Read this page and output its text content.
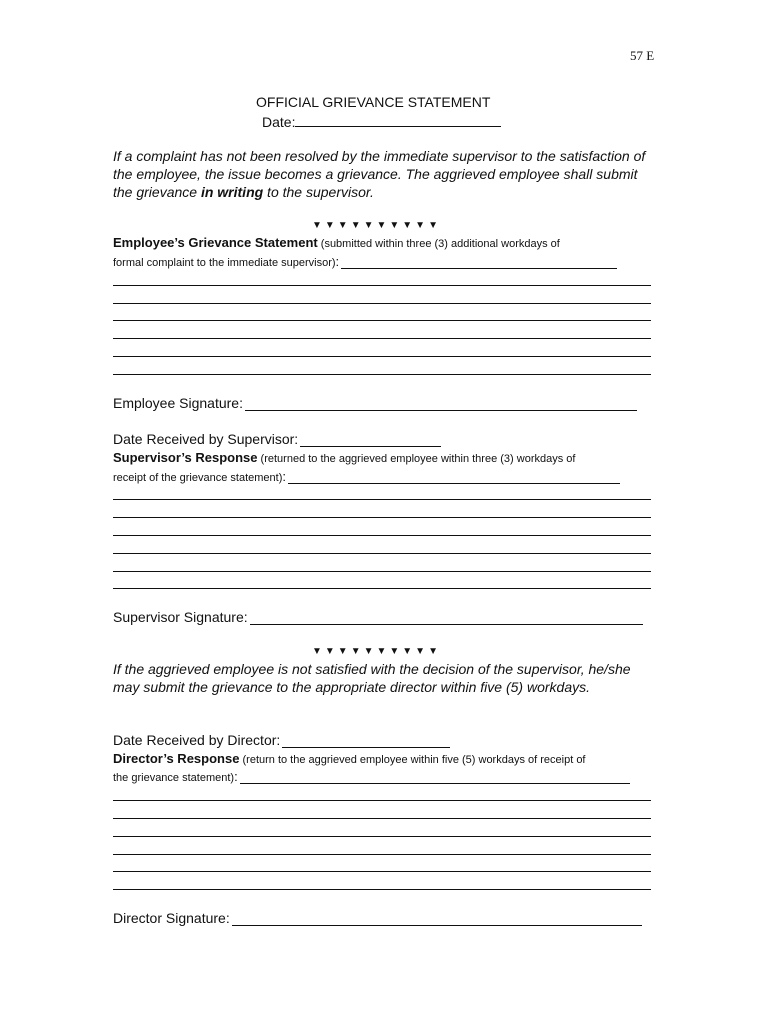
57 E
OFFICIAL GRIEVANCE STATEMENT
Date:
If a complaint has not been resolved by the immediate supervisor to the satisfaction of the employee, the issue becomes a grievance. The aggrieved employee shall submit the grievance in writing to the supervisor.
▼▼▼▼▼▼▼▼▼▼
Employee’s Grievance Statement (submitted within three (3) additional workdays of
formal complaint to the immediate supervisor) :
Employee Signature:
Date Received by Supervisor:
Supervisor’s Response (returned to the aggrieved employee within three (3) workdays of
receipt of the grievance statement) :
Supervisor Signature:
▼▼▼▼▼▼▼▼▼▼
If the aggrieved employee is not satisfied with the decision of the supervisor, he/she may submit the grievance to the appropriate director within five (5) workdays.
Date Received by Director:
Director’s Response (return to the aggrieved employee within five (5) workdays of receipt of
the grievance statement) :
Director Signature:
